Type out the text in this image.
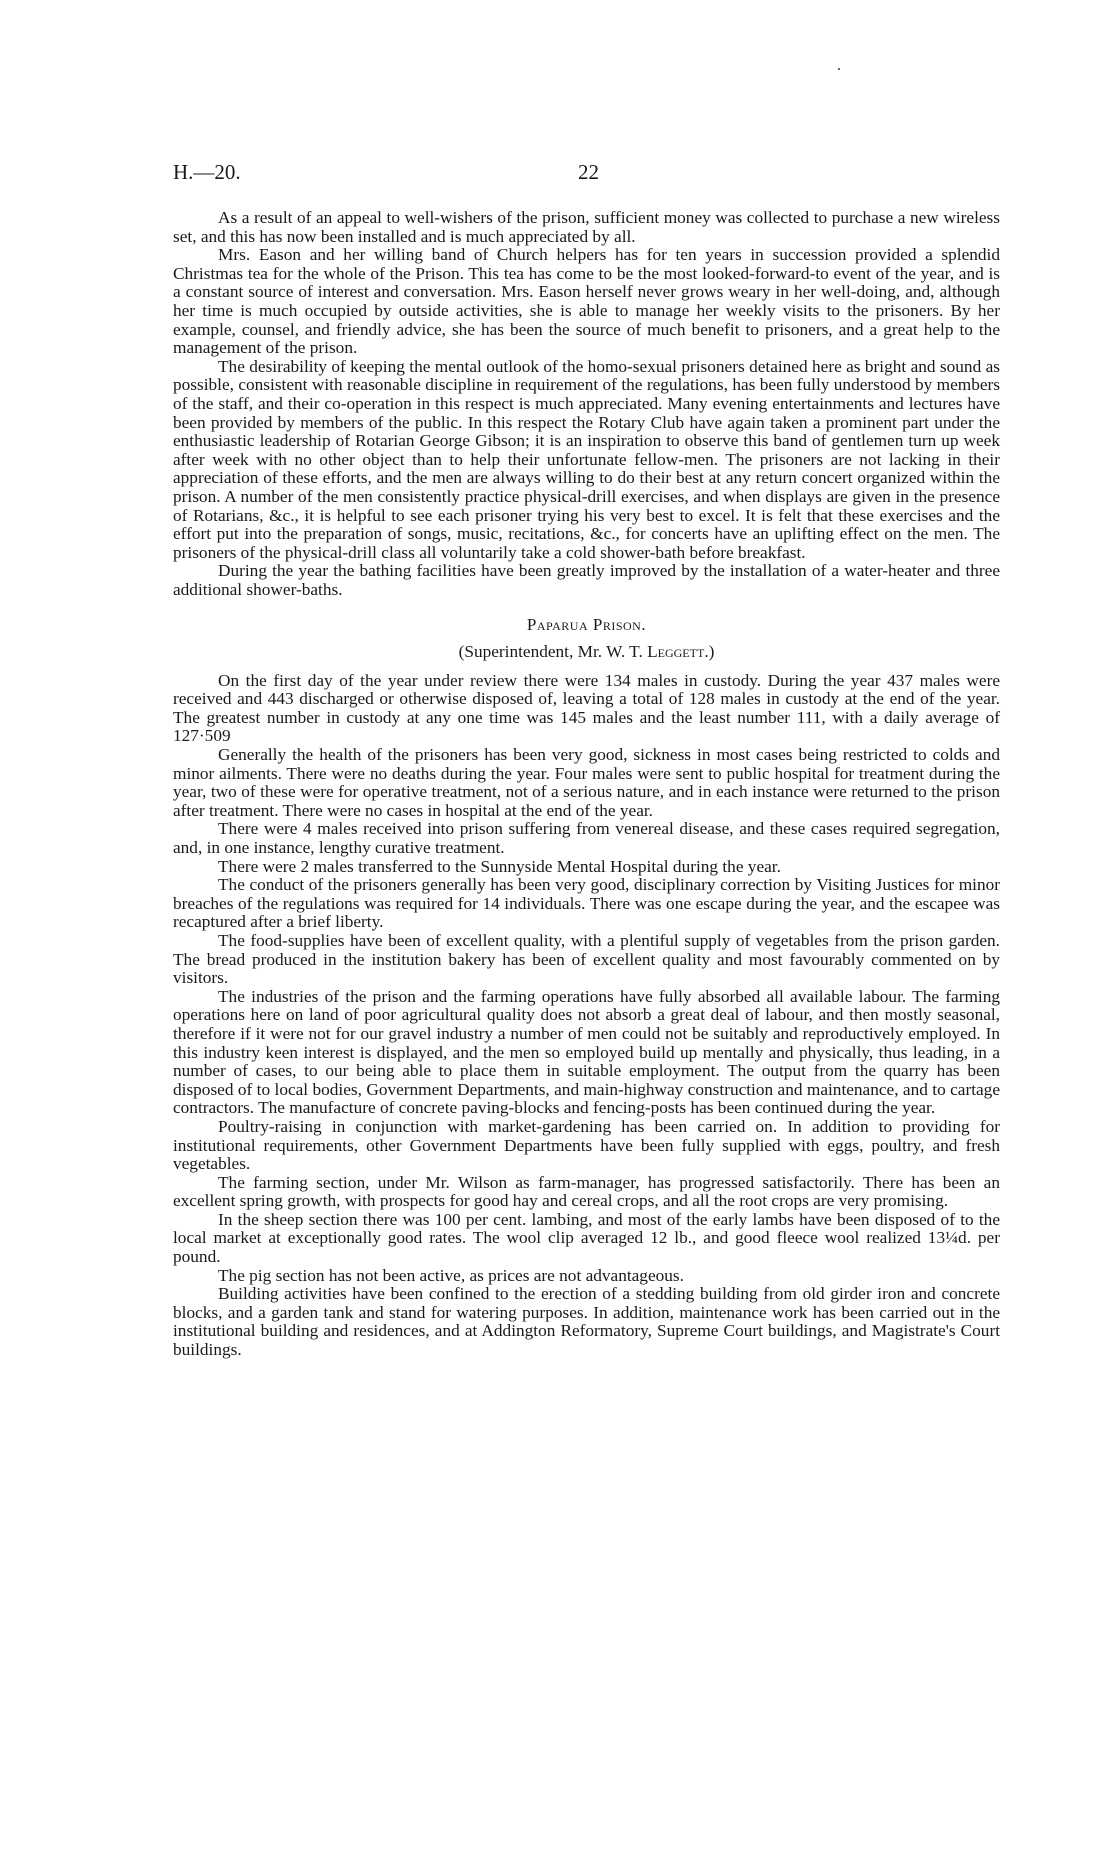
H.—20.	22

As a result of an appeal to well-wishers of the prison, sufficient money was collected to purchase a new wireless set, and this has now been installed and is much appreciated by all.

Mrs. Eason and her willing band of Church helpers has for ten years in succession provided a splendid Christmas tea for the whole of the Prison. This tea has come to be the most looked-forward-to event of the year, and is a constant source of interest and conversation. Mrs. Eason herself never grows weary in her well-doing, and, although her time is much occupied by outside activities, she is able to manage her weekly visits to the prisoners. By her example, counsel, and friendly advice, she has been the source of much benefit to prisoners, and a great help to the management of the prison.

The desirability of keeping the mental outlook of the homo-sexual prisoners detained here as bright and sound as possible, consistent with reasonable discipline in requirement of the regulations, has been fully understood by members of the staff, and their co-operation in this respect is much appreciated. Many evening entertainments and lectures have been provided by members of the public. In this respect the Rotary Club have again taken a prominent part under the enthusiastic leadership of Rotarian George Gibson; it is an inspiration to observe this band of gentlemen turn up week after week with no other object than to help their unfortunate fellow-men. The prisoners are not lacking in their appreciation of these efforts, and the men are always willing to do their best at any return concert organized within the prison. A number of the men consistently practice physical-drill exercises, and when displays are given in the presence of Rotarians, &c., it is helpful to see each prisoner trying his very best to excel. It is felt that these exercises and the effort put into the preparation of songs, music, recitations, &c., for concerts have an uplifting effect on the men. The prisoners of the physical-drill class all voluntarily take a cold shower-bath before breakfast.

During the year the bathing facilities have been greatly improved by the installation of a water-heater and three additional shower-baths.

Paparua Prison.
(Superintendent, Mr. W. T. Leggett.)

On the first day of the year under review there were 134 males in custody. During the year 437 males were received and 443 discharged or otherwise disposed of, leaving a total of 128 males in custody at the end of the year. The greatest number in custody at any one time was 145 males and the least number 111, with a daily average of 127·509

Generally the health of the prisoners has been very good, sickness in most cases being restricted to colds and minor ailments. There were no deaths during the year. Four males were sent to public hospital for treatment during the year, two of these were for operative treatment, not of a serious nature, and in each instance were returned to the prison after treatment. There were no cases in hospital at the end of the year.

There were 4 males received into prison suffering from venereal disease, and these cases required segregation, and, in one instance, lengthy curative treatment.

There were 2 males transferred to the Sunnyside Mental Hospital during the year.

The conduct of the prisoners generally has been very good, disciplinary correction by Visiting Justices for minor breaches of the regulations was required for 14 individuals. There was one escape during the year, and the escapee was recaptured after a brief liberty.

The food-supplies have been of excellent quality, with a plentiful supply of vegetables from the prison garden. The bread produced in the institution bakery has been of excellent quality and most favourably commented on by visitors.

The industries of the prison and the farming operations have fully absorbed all available labour. The farming operations here on land of poor agricultural quality does not absorb a great deal of labour, and then mostly seasonal, therefore if it were not for our gravel industry a number of men could not be suitably and reproductively employed. In this industry keen interest is displayed, and the men so employed build up mentally and physically, thus leading, in a number of cases, to our being able to place them in suitable employment. The output from the quarry has been disposed of to local bodies, Government Departments, and main-highway construction and maintenance, and to cartage contractors. The manufacture of concrete paving-blocks and fencing-posts has been continued during the year.

Poultry-raising in conjunction with market-gardening has been carried on. In addition to providing for institutional requirements, other Government Departments have been fully supplied with eggs, poultry, and fresh vegetables.

The farming section, under Mr. Wilson as farm-manager, has progressed satisfactorily. There has been an excellent spring growth, with prospects for good hay and cereal crops, and all the root crops are very promising.

In the sheep section there was 100 per cent. lambing, and most of the early lambs have been disposed of to the local market at exceptionally good rates. The wool clip averaged 12 lb., and good fleece wool realized 13¼d. per pound.

The pig section has not been active, as prices are not advantageous.

Building activities have been confined to the erection of a stedding building from old girder iron and concrete blocks, and a garden tank and stand for watering purposes. In addition, maintenance work has been carried out in the institutional building and residences, and at Addington Reformatory, Supreme Court buildings, and Magistrate's Court buildings.
